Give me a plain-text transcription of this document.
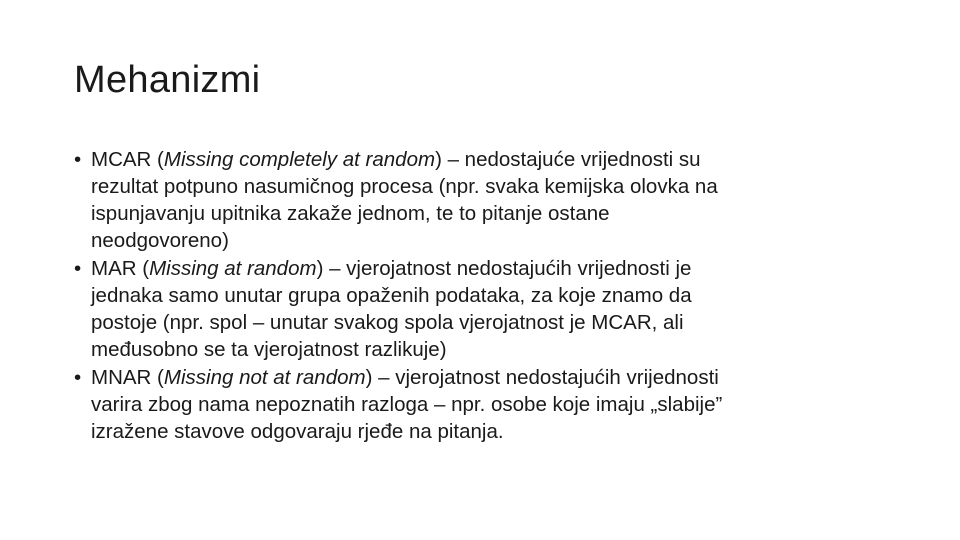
Mehanizmi
• MCAR (Missing completely at random) – nedostajuće vrijednosti su
rezultat potpuno nasumičnog procesa (npr. svaka kemijska olovka na
ispunjavanju upitnika zakaže jednom, te to pitanje ostane
neodgovoreno)
• MAR (Missing at random) – vjerojatnost nedostajućih vrijednosti je
jednaka samo unutar grupa opaženih podataka, za koje znamo da
postoje (npr. spol – unutar svakog spola vjerojatnost je MCAR, ali
međusobno se ta vjerojatnost razlikuje)
• MNAR (Missing not at random) – vjerojatnost nedostajućih vrijednosti
varira zbog nama nepoznatih razloga – npr. osobe koje imaju „slabije”
izražene stavove odgovaraju rjeđe na pitanja.
